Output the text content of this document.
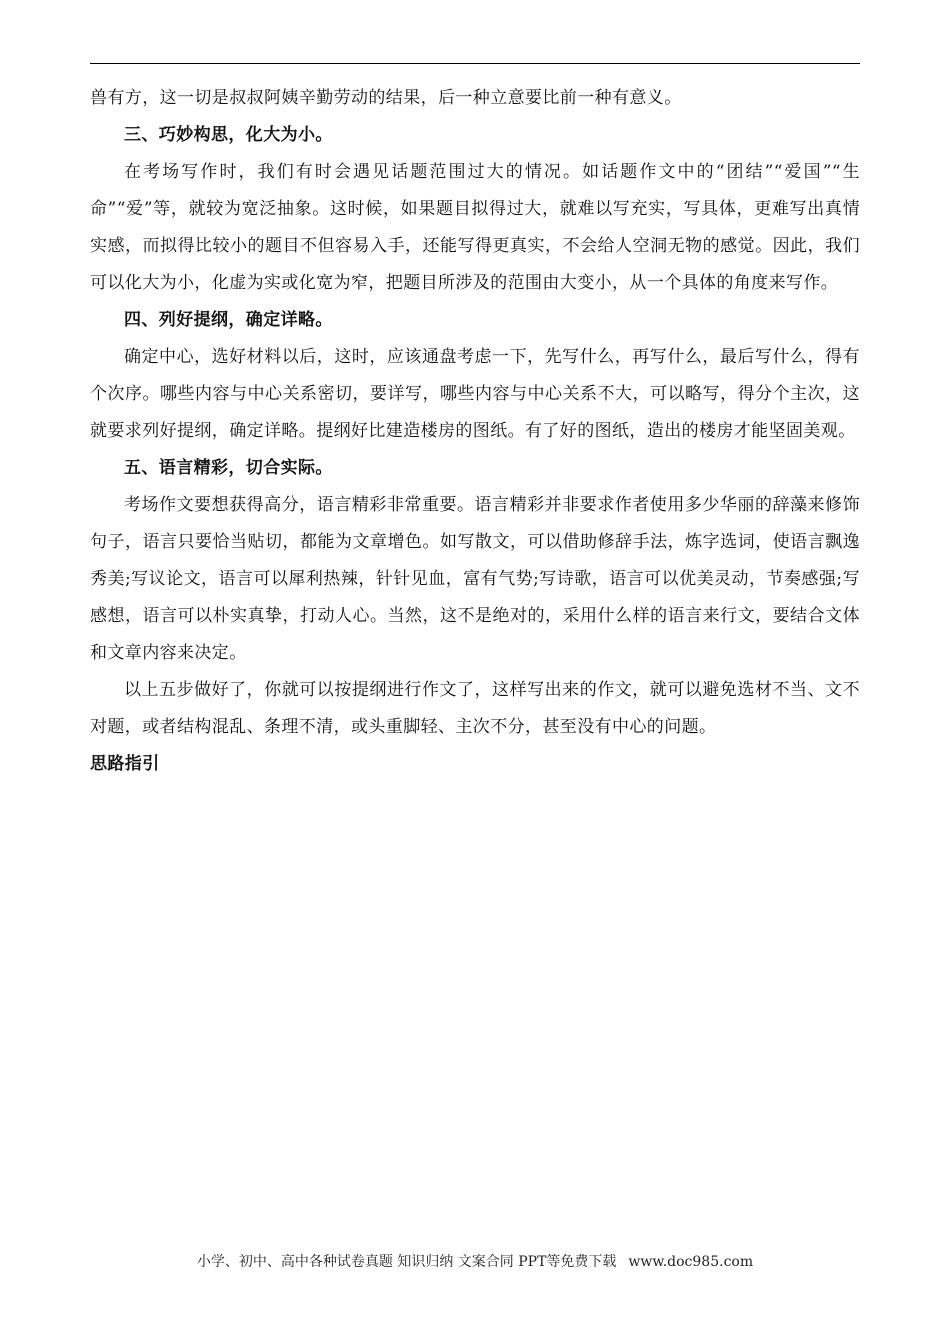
兽有方，这一切是叔叔阿姨辛勤劳动的结果，后一种立意要比前一种有意义。

三、巧妙构思，化大为小。

在考场写作时，我们有时会遇见话题范围过大的情况。如话题作文中的“团结”“爱国”“生命”“爱”等，就较为宽泛抽象。这时候，如果题目拟得过大，就难以写充实，写具体，更难写出真情实感，而拟得比较小的题目不但容易入手，还能写得更真实，不会给人空洞无物的感觉。因此，我们可以化大为小，化虚为实或化宽为窄，把题目所涉及的范围由大变小，从一个具体的角度来写作。

四、列好提纲，确定详略。

确定中心，选好材料以后，这时，应该通盘考虑一下，先写什么，再写什么，最后写什么，得有个次序。哪些内容与中心关系密切，要详写，哪些内容与中心关系不大，可以略写，得分个主次，这就要求列好提纲，确定详略。提纲好比建造楼房的图纸。有了好的图纸，造出的楼房才能坚固美观。

五、语言精彩，切合实际。

考场作文要想获得高分，语言精彩非常重要。语言精彩并非要求作者使用多少华丽的辞藻来修饰句子，语言只要恰当贴切，都能为文章增色。如写散文，可以借助修辞手法，炼字选词，使语言飘逸秀美;写议论文，语言可以犀利热辣，针针见血，富有气势;写诗歌，语言可以优美灵动，节奏感强;写感想，语言可以朴实真挚，打动人心。当然，这不是绝对的，采用什么样的语言来行文，要结合文体和文章内容来决定。

以上五步做好了，你就可以按提纲进行作文了，这样写出来的作文，就可以避免选材不当、文不对题，或者结构混乱、条理不清，或头重脚轻、主次不分，甚至没有中心的问题。

思路指引

小学、初中、高中各种试卷真题 知识归纳 文案合同 PPT等免费下载 www.doc985.com
